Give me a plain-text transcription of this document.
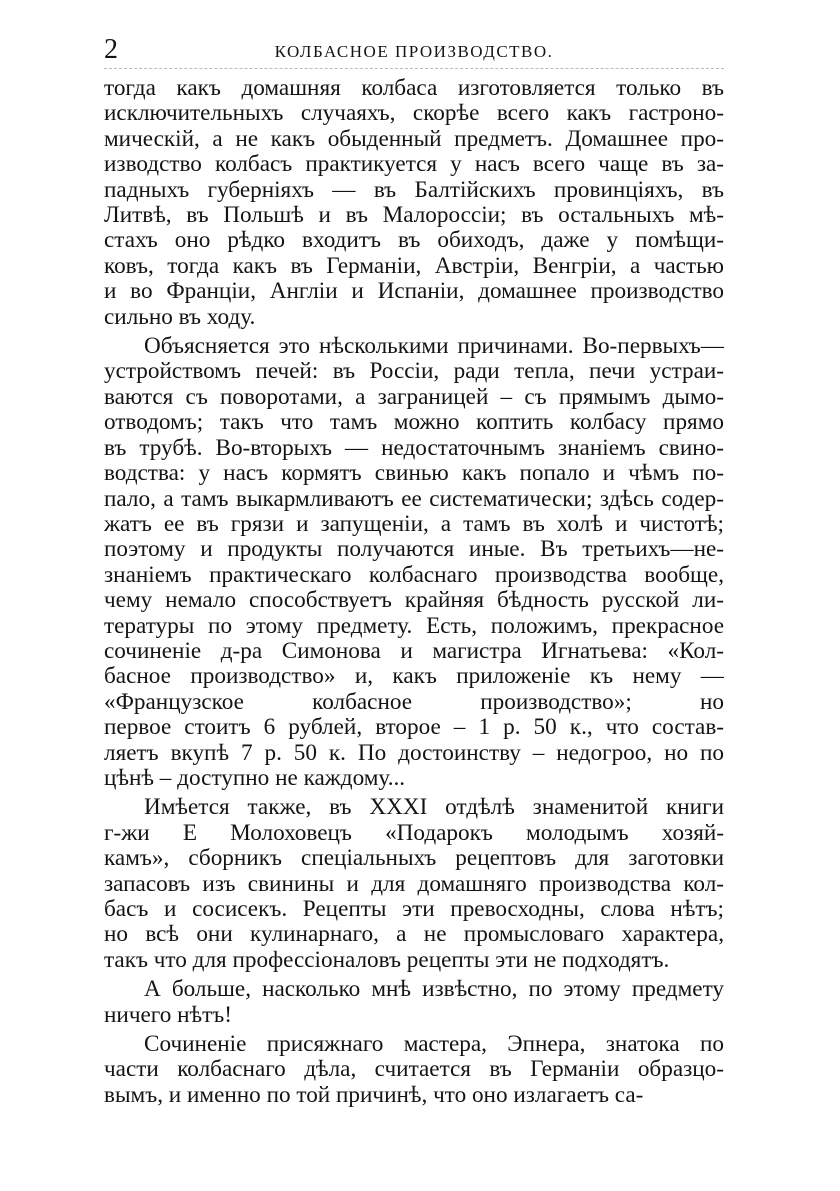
2	КОЛБАСНОЕ ПРОИЗВОДСТВО.
тогда какъ домашняя колбаса изготовляется только въ
исключительныхъ случаяхъ, скорѣе всего какъ гастроно-
мическій, а не какъ обыденный предметъ. Домашнее про-
изводство колбасъ практикуется у насъ всего чаще въ за-
падныхъ губерніяхъ — въ Балтійскихъ провинціяхъ, въ
Литвѣ, въ Польшѣ и въ Малороссіи; въ остальныхъ мѣ-
стахъ оно рѣдко входитъ въ обиходъ, даже у помѣщи-
ковъ, тогда какъ въ Германіи, Австріи, Венгріи, а частью
и во Франціи, Англіи и Испаніи, домашнее производство
сильно въ ходу.
Объясняется это нѣсколькими причинами. Во-первыхъ—
устройствомъ печей: въ Россіи, ради тепла, печи устраи-
ваются съ поворотами, а заграницей – съ прямымъ дымо-
отводомъ; такъ что тамъ можно коптить колбасу прямо
въ трубѣ. Во-вторыхъ — недостаточнымъ знаніемъ свино-
водства: у насъ кормятъ свинью какъ попало и чѣмъ по-
пало, а тамъ выкармливаютъ ее систематически; здѣсь содер-
жатъ ее въ грязи и запущеніи, а тамъ въ холѣ и чистотѣ;
поэтому и продукты получаются иные. Въ третьихъ—не-
знаніемъ практическаго колбаснаго производства вообще,
чему немало способствуетъ крайняя бѣдность русской ли-
тературы по этому предмету. Есть, положимъ, прекрасное
сочиненіе д-ра Симонова и магистра Игнатьева: «Кол-
басное производство» и, какъ приложеніе къ нему —
«Французское колбасное производство»; но
первое стоитъ 6 рублей, второе – 1 р. 50 к., что состав-
ляетъ вкупѣ 7 р. 50 к. По достоинству – недогроо, но по
цѣнѣ – доступно не каждому...
Имѣется также, въ XXXI отдѣлѣ знаменитой книги
г-жи Е Молоховецъ «Подарокъ молодымъ хозяй-
камъ», сборникъ спеціальныхъ рецептовъ для заготовки
запасовъ изъ свинины и для домашняго производства кол-
басъ и сосисекъ. Рецепты эти превосходны, слова нѣтъ;
но всѣ они кулинарнаго, а не промысловаго характера,
такъ что для профессіоналовъ рецепты эти не подходятъ.
А больше, насколько мнѣ извѣстно, по этому предмету
ничего нѣтъ!
Сочиненіе присяжнаго мастера, Эпнера, знатока по
части колбаснаго дѣла, считается въ Германіи образцо-
вымъ, и именно по той причинѣ, что оно излагаетъ са-
